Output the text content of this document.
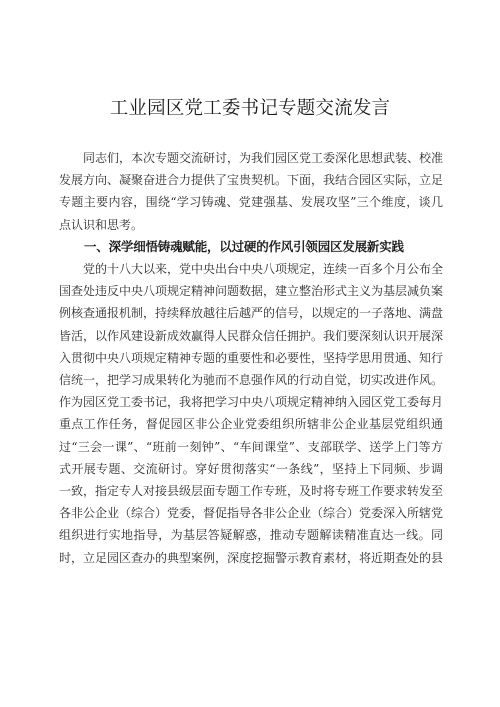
工业园区党工委书记专题交流发言

同志们，本次专题交流研讨，为我们园区党工委深化思想武装、校准发展方向、凝聚奋进合力提供了宝贵契机。下面，我结合园区实际，立足专题主要内容，围绕“学习铸魂、党建强基、发展攻坚”三个维度，谈几点认识和思考。

一、深学细悟铸魂赋能，以过硬的作风引领园区发展新实践

党的十八大以来，党中央出台中央八项规定，连续一百多个月公布全国查处违反中央八项规定精神问题数据，建立整治形式主义为基层减负案例核查通报机制，持续释放越往后越严的信号，以规定的一子落地、满盘皆活，以作风建设新成效赢得人民群众信任拥护。我们要深刻认识开展深入贯彻中央八项规定精神专题的重要性和必要性，坚持学思用贯通、知行信统一，把学习成果转化为驰而不息强作风的行动自觉，切实改进作风。作为园区党工委书记，我将把学习中央八项规定精神纳入园区党工委每月重点工作任务，督促园区非公企业党委组织所辖非公企业基层党组织通过“三会一课”、“班前一刻钟”、“车间课堂”、支部联学、送学上门等方式开展专题、交流研讨。穿好贯彻落实“一条线”，坚持上下同频、步调一致，指定专人对接县级层面专题工作专班，及时将专班工作要求转发至各非公企业（综合）党委，督促指导各非公企业（综合）党委深入所辖党组织进行实地指导，为基层答疑解惑，推动专题解读精准直达一线。同时，立足园区查办的典型案例，深度挖掘警示教育素材，将近期查处的县
